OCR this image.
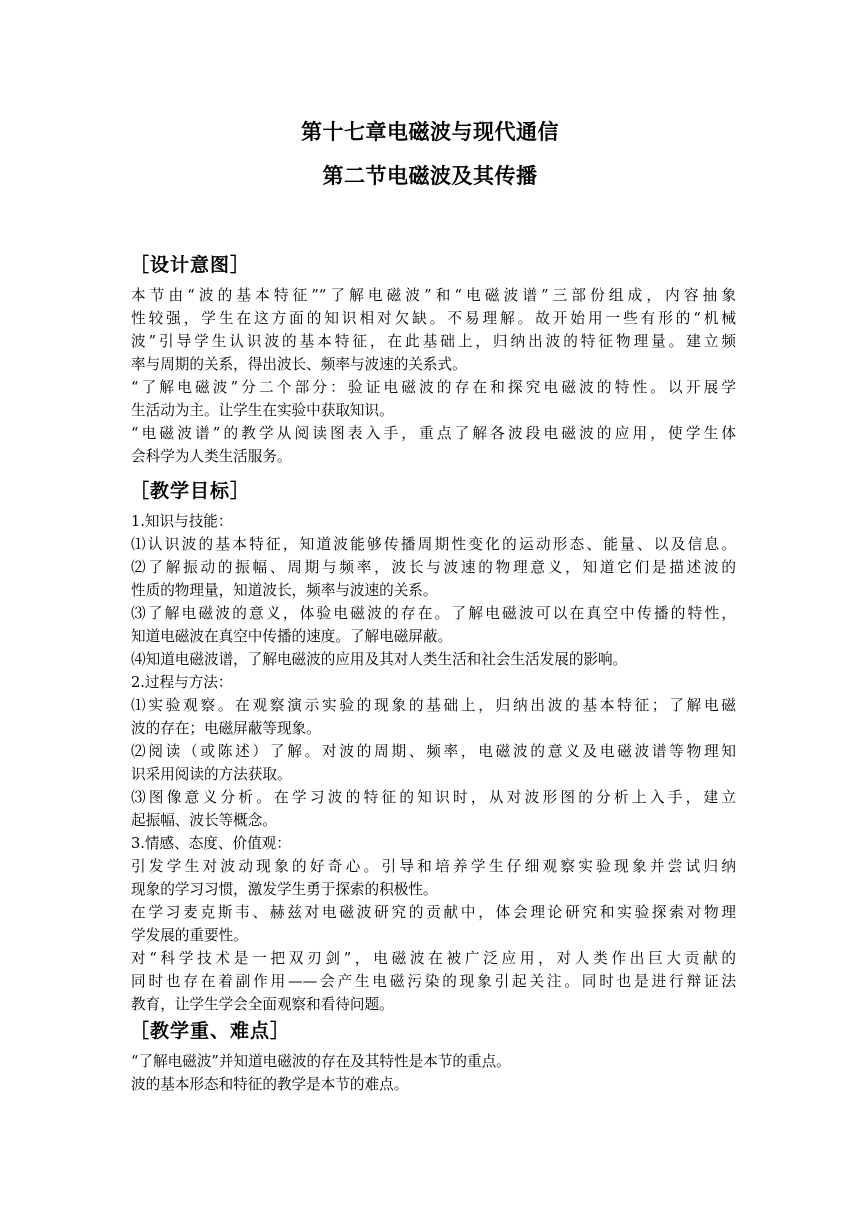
第十七章电磁波与现代通信
第二节电磁波及其传播
［设计意图］
本节由“波的基本特征”“了解电磁波”和“电磁波谱”三部份组成，内容抽象
性较强，学生在这方面的知识相对欠缺。不易理解。故开始用一些有形的“机械
波”引导学生认识波的基本特征，在此基础上，归纳出波的特征物理量。建立频
率与周期的关系，得出波长、频率与波速的关系式。
“了解电磁波”分二个部分：验证电磁波的存在和探究电磁波的特性。以开展学
生活动为主。让学生在实验中获取知识。
“电磁波谱”的教学从阅读图表入手，重点了解各波段电磁波的应用，使学生体
会科学为人类生活服务。
［教学目标］
1.知识与技能：
⑴认识波的基本特征，知道波能够传播周期性变化的运动形态、能量、以及信息。
⑵了解振动的振幅、周期与频率，波长与波速的物理意义，知道它们是描述波的
性质的物理量，知道波长，频率与波速的关系。
⑶了解电磁波的意义，体验电磁波的存在。了解电磁波可以在真空中传播的特性，
知道电磁波在真空中传播的速度。了解电磁屏蔽。
⑷知道电磁波谱，了解电磁波的应用及其对人类生活和社会生活发展的影响。
2.过程与方法：
⑴实验观察。在观察演示实验的现象的基础上，归纳出波的基本特征；了解电磁
波的存在；电磁屏蔽等现象。
⑵阅读（或陈述）了解。对波的周期、频率，电磁波的意义及电磁波谱等物理知
识采用阅读的方法获取。
⑶图像意义分析。在学习波的特征的知识时，从对波形图的分析上入手，建立
起振幅、波长等概念。
3.情感、态度、价值观：
引发学生对波动现象的好奇心。引导和培养学生仔细观察实验现象并尝试归纳
现象的学习习惯，激发学生勇于探索的积极性。
在学习麦克斯韦、赫兹对电磁波研究的贡献中，体会理论研究和实验探索对物理
学发展的重要性。
对“科学技术是一把双刃剑”，电磁波在被广泛应用，对人类作出巨大贡献的
同时也存在着副作用——会产生电磁污染的现象引起关注。同时也是进行辩证法
教育，让学生学会全面观察和看待问题。
［教学重、难点］
“了解电磁波”并知道电磁波的存在及其特性是本节的重点。
波的基本形态和特征的教学是本节的难点。
